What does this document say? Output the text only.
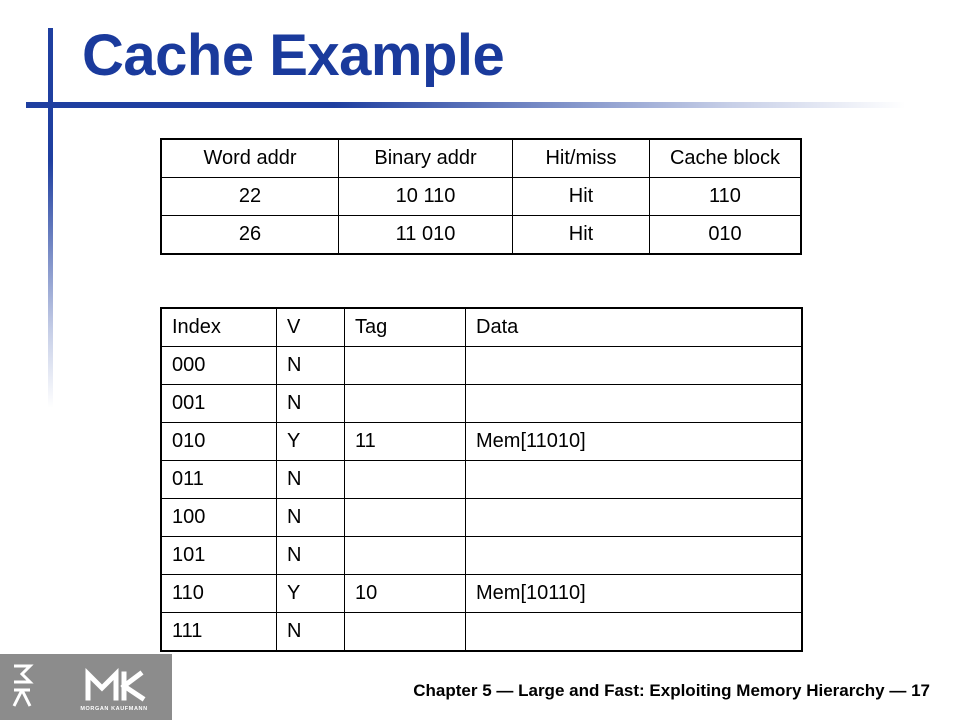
Cache Example
Word addr	Binary addr	Hit/miss	Cache block
22	10 110	Hit	110
26	11 010	Hit	010
Index	V	Tag	Data
000	N		
001	N		
010	Y	11	Mem[11010]
011	N		
100	N		
101	N		
110	Y	10	Mem[10110]
111	N		
MORGAN KAUFMANN
Chapter 5 — Large and Fast: Exploiting Memory Hierarchy — 17
